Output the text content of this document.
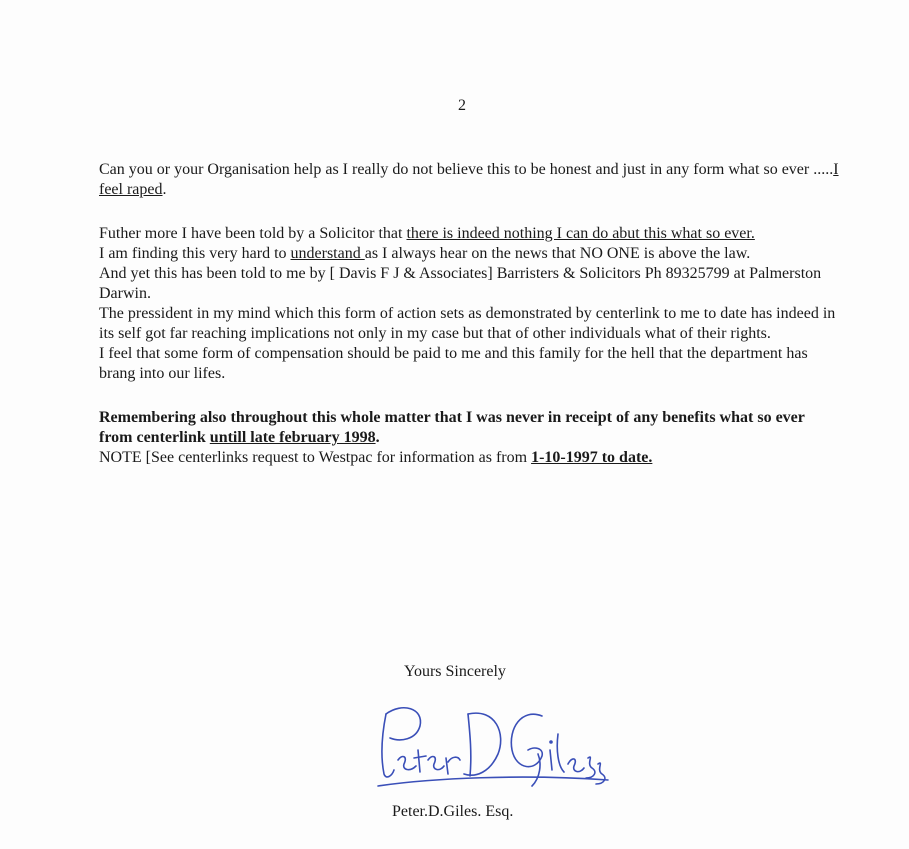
2

Can you or your Organisation help as I really do not believe this to be honest and just in any form what so ever .....I feel raped.

Futher more I have been told by a Solicitor that there is indeed nothing I can do abut this what so ever.

I am finding this very hard to understand as I always hear on the news that NO ONE is above the law.

And yet this has been told to me by [ Davis F J & Associates] Barristers & Solicitors Ph 89325799 at Palmerston Darwin.

The pressident in my mind which this form of action sets as demonstrated by centerlink to me to date has indeed in its self got far reaching implications not only in my case but that of other individuals what of their rights.

I feel that some form of compensation should be paid to me and this family for the hell that the department has brang into our lifes.

Remembering also throughout this whole matter that I was never in receipt of any benefits what so ever from centerlink untill late february 1998.

NOTE [See centerlinks request to Westpac for information as from 1-10-1997 to date.

Yours Sincerely
Peter.D.Giles. Esq.
